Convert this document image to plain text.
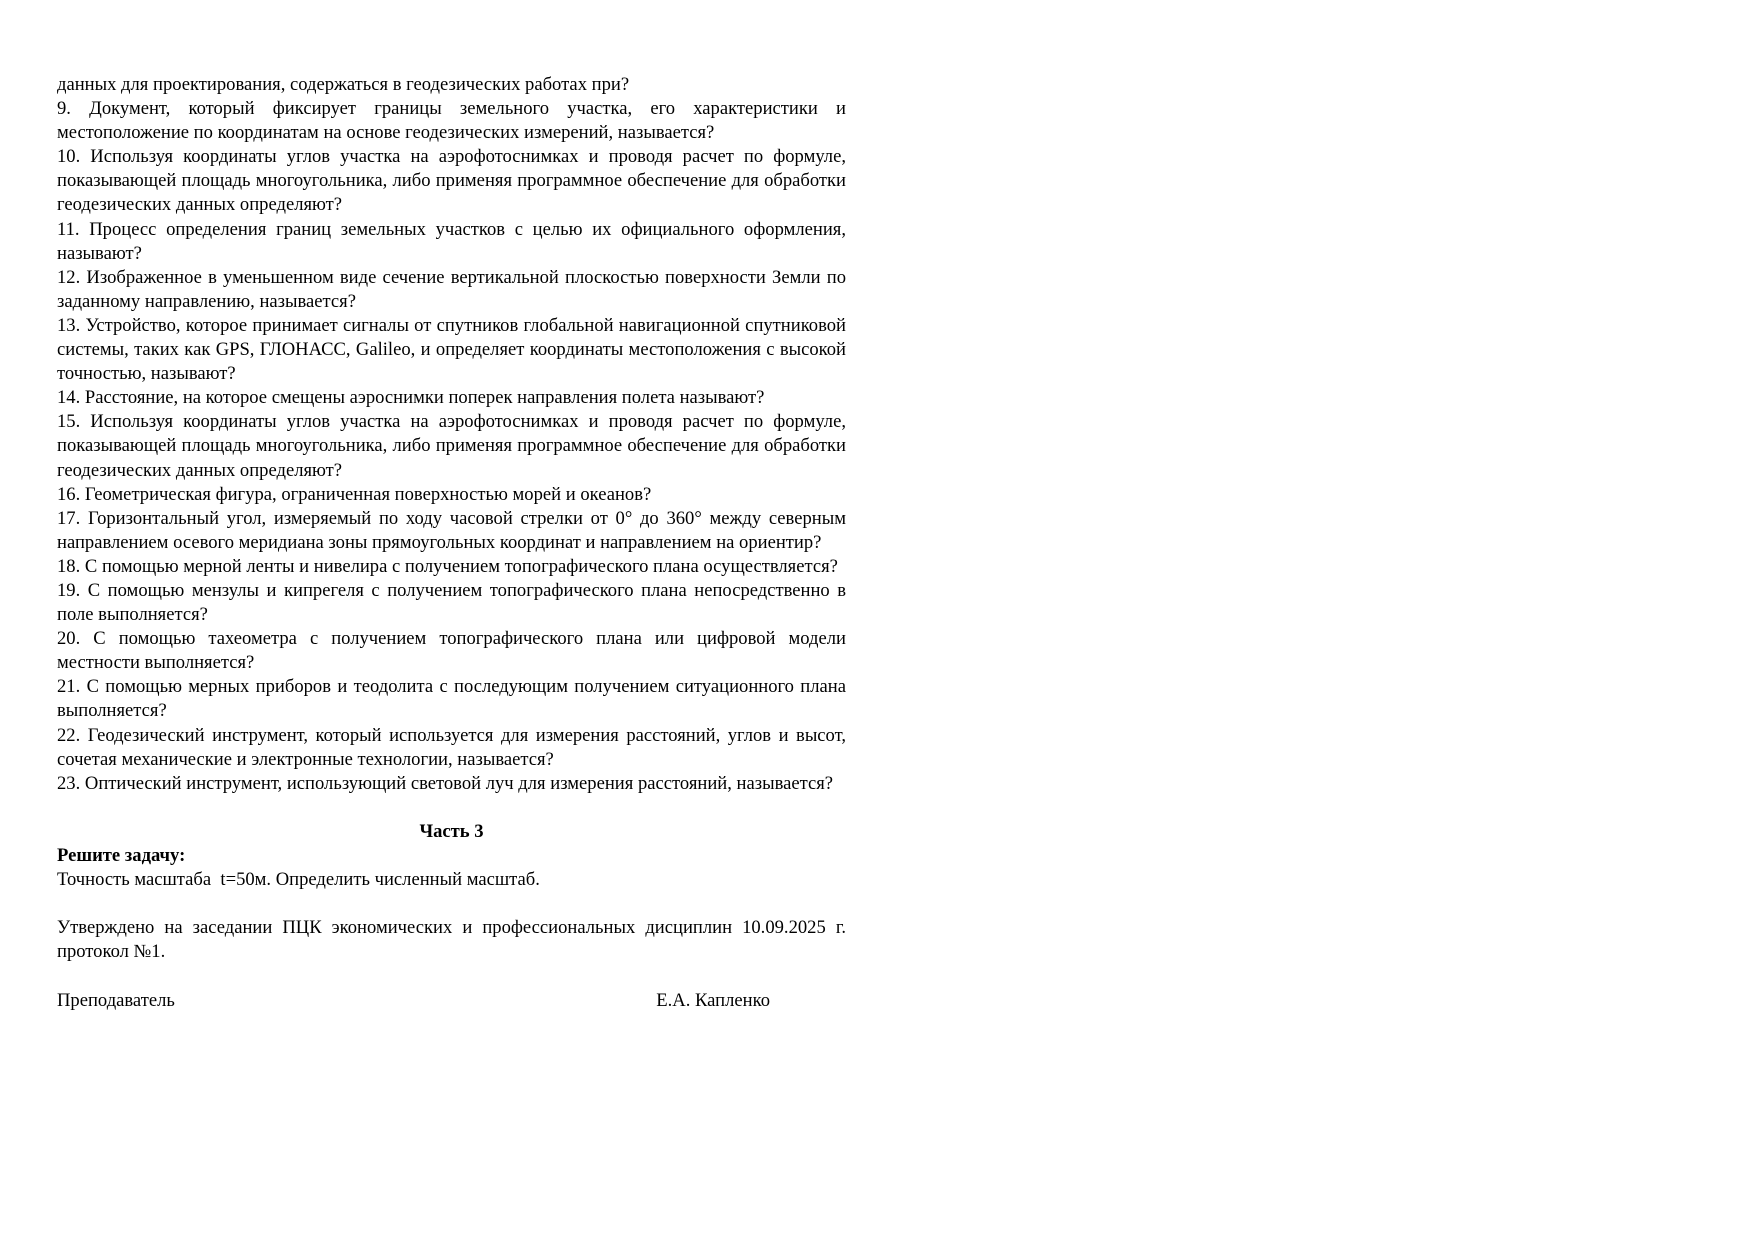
данных для проектирования, содержаться в геодезических работах при?

9. Документ, который фиксирует границы земельного участка, его характеристики и местоположение по координатам на основе геодезических измерений, называется?

10. Используя координаты углов участка на аэрофотоснимках и проводя расчет по формуле, показывающей площадь многоугольника, либо применяя программное обеспечение для обработки геодезических данных определяют?

11. Процесс определения границ земельных участков с целью их официального оформления, называют?

12. Изображенное в уменьшенном виде сечение вертикальной плоскостью поверхности Земли по заданному направлению, называется?

13. Устройство, которое принимает сигналы от спутников глобальной навигационной спутниковой системы, таких как GPS, ГЛОНАСС, Galileo, и определяет координаты местоположения с высокой точностью, называют?

14. Расстояние, на которое смещены аэроснимки поперек направления полета называют?

15. Используя координаты углов участка на аэрофотоснимках и проводя расчет по формуле, показывающей площадь многоугольника, либо применяя программное обеспечение для обработки геодезических данных определяют?

16. Геометрическая фигура, ограниченная поверхностью морей и океанов?

17. Горизонтальный угол, измеряемый по ходу часовой стрелки от 0° до 360° между северным направлением осевого меридиана зоны прямоугольных координат и направлением на ориентир?

18. С помощью мерной ленты и нивелира с получением топографического плана осуществляется?

19. С помощью мензулы и кипрегеля с получением топографического плана непосредственно в поле выполняется?

20. С помощью тахеометра с получением топографического плана или цифровой модели местности выполняется?

21. С помощью мерных приборов и теодолита с последующим получением ситуационного плана выполняется?

22. Геодезический инструмент, который используется для измерения расстояний, углов и высот, сочетая механические и электронные технологии, называется?

23. Оптический инструмент, использующий световой луч для измерения расстояний, называется?

Часть 3

Решите задачу:

Точность масштаба  t=50м. Определить численный масштаб.

Утверждено на заседании ПЦК экономических и профессиональных дисциплин 10.09.2025 г. протокол №1.

Преподаватель	Е.А. Капленко
